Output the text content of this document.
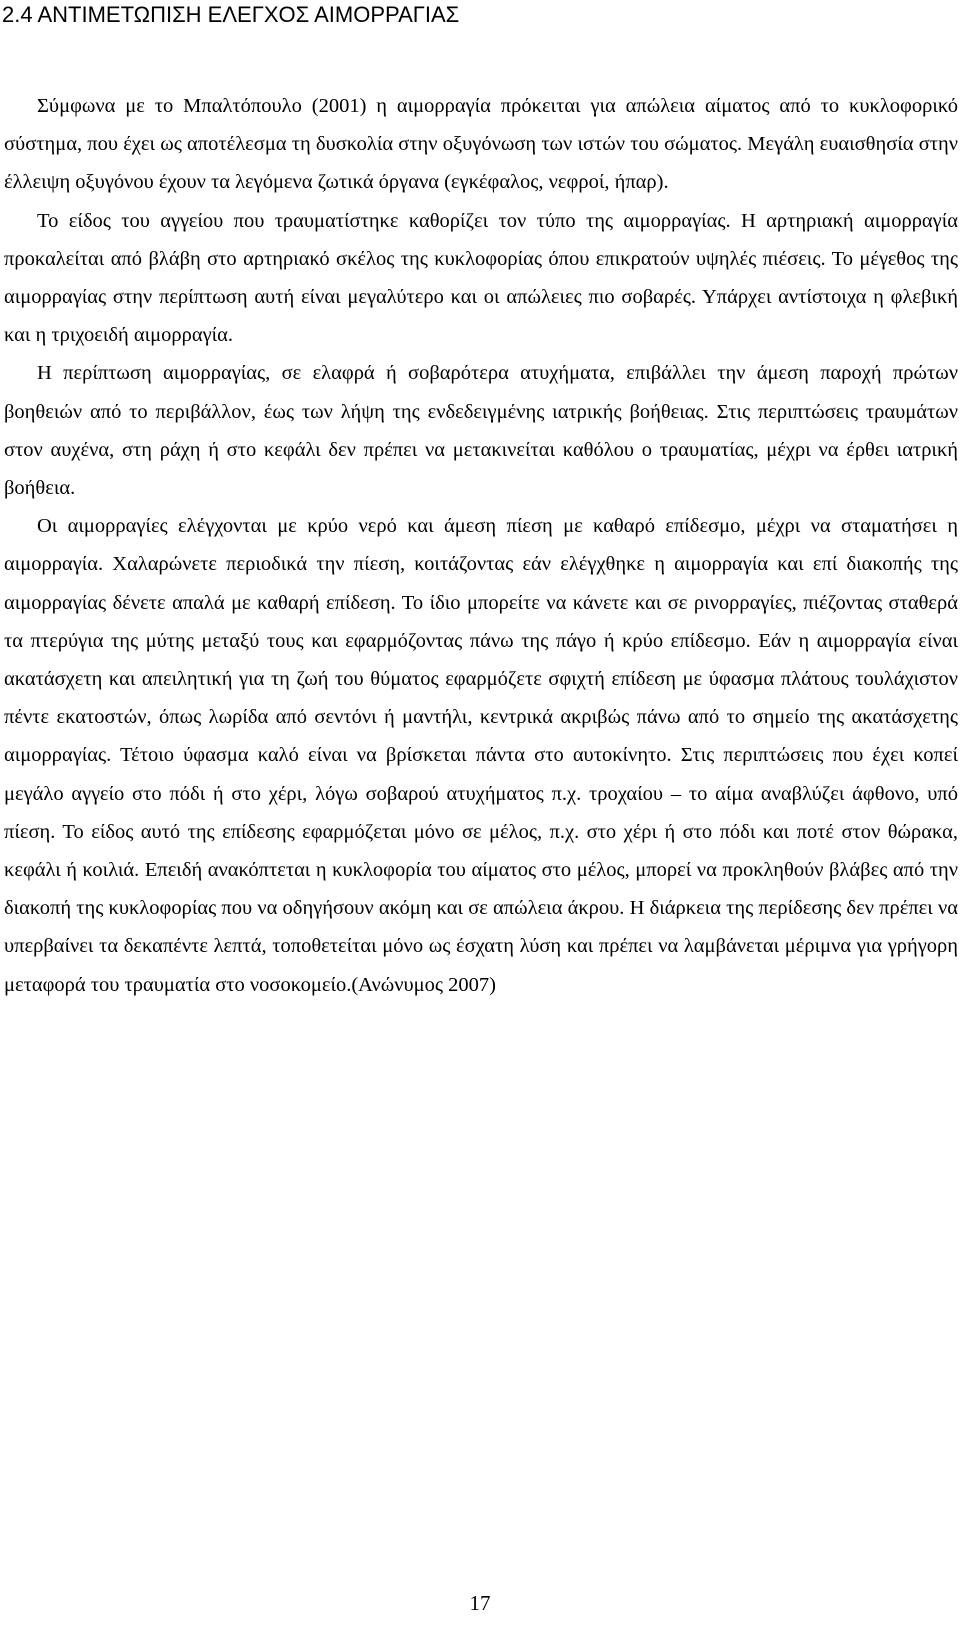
2.4 ΑΝΤΙΜΕΤΩΠΙΣΗ ΕΛΕΓΧΟΣ ΑΙΜΟΡΡΑΓΙΑΣ

Σύμφωνα με το Μπαλτόπουλο (2001) η αιμορραγία πρόκειται για απώλεια αίματος από το κυκλοφορικό σύστημα, που έχει ως αποτέλεσμα τη δυσκολία στην οξυγόνωση των ιστών του σώματος. Μεγάλη ευαισθησία στην έλλειψη οξυγόνου έχουν τα λεγόμενα ζωτικά όργανα (εγκέφαλος, νεφροί, ήπαρ).

Το είδος του αγγείου που τραυματίστηκε καθορίζει τον τύπο της αιμορραγίας. Η αρτηριακή αιμορραγία προκαλείται από βλάβη στο αρτηριακό σκέλος της κυκλοφορίας όπου επικρατούν υψηλές πιέσεις. Το μέγεθος της αιμορραγίας στην περίπτωση αυτή είναι μεγαλύτερο και οι απώλειες πιο σοβαρές. Υπάρχει αντίστοιχα η φλεβική και η τριχοειδή αιμορραγία.

Η περίπτωση αιμορραγίας, σε ελαφρά ή σοβαρότερα ατυχήματα, επιβάλλει την άμεση παροχή πρώτων βοηθειών από το περιβάλλον, έως των λήψη της ενδεδειγμένης ιατρικής βοήθειας. Στις περιπτώσεις τραυμάτων στον αυχένα, στη ράχη ή στο κεφάλι δεν πρέπει να μετακινείται καθόλου ο τραυματίας, μέχρι να έρθει ιατρική βοήθεια.

Οι αιμορραγίες ελέγχονται με κρύο νερό και άμεση πίεση με καθαρό επίδεσμο, μέχρι να σταματήσει η αιμορραγία. Χαλαρώνετε περιοδικά την πίεση, κοιτάζοντας εάν ελέγχθηκε η αιμορραγία και επί διακοπής της αιμορραγίας δένετε απαλά με καθαρή επίδεση. Το ίδιο μπορείτε να κάνετε και σε ρινορραγίες, πιέζοντας σταθερά τα πτερύγια της μύτης μεταξύ τους και εφαρμόζοντας πάνω της πάγο ή κρύο επίδεσμο. Εάν η αιμορραγία είναι ακατάσχετη και απειλητική για τη ζωή του θύματος εφαρμόζετε σφιχτή επίδεση με ύφασμα πλάτους τουλάχιστον πέντε εκατοστών, όπως λωρίδα από σεντόνι ή μαντήλι, κεντρικά ακριβώς πάνω από το σημείο της ακατάσχετης αιμορραγίας. Τέτοιο ύφασμα καλό είναι να βρίσκεται πάντα στο αυτοκίνητο. Στις περιπτώσεις που έχει κοπεί μεγάλο αγγείο στο πόδι ή στο χέρι, λόγω σοβαρού ατυχήματος π.χ. τροχαίου – το αίμα αναβλύζει άφθονο, υπό πίεση. Το είδος αυτό της επίδεσης εφαρμόζεται μόνο σε μέλος, π.χ. στο χέρι ή στο πόδι και ποτέ στον θώρακα, κεφάλι ή κοιλιά. Επειδή ανακόπτεται η κυκλοφορία του αίματος στο μέλος, μπορεί να προκληθούν βλάβες από την διακοπή της κυκλοφορίας που να οδηγήσουν ακόμη και σε απώλεια άκρου. Η διάρκεια της περίδεσης δεν πρέπει να υπερβαίνει τα δεκαπέντε λεπτά, τοποθετείται μόνο ως έσχατη λύση και πρέπει να λαμβάνεται μέριμνα για γρήγορη μεταφορά του τραυματία στο νοσοκομείο.(Ανώνυμος 2007)

17
